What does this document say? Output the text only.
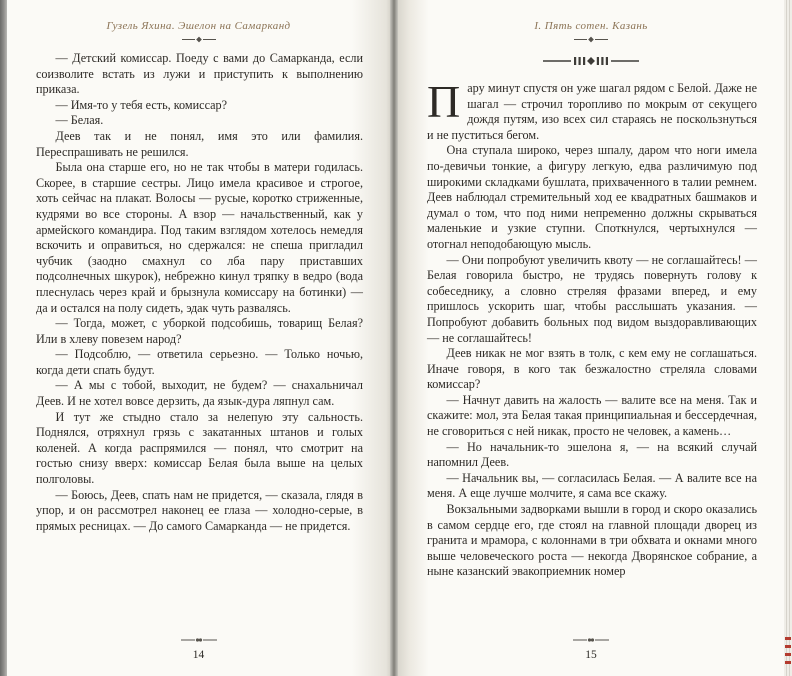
Гузель Яхина. Эшелон на Самарканд

— Детский комиссар. Поеду с вами до Самарканда, если соизволите встать из лужи и приступить к выполнению приказа.

— Имя-то у тебя есть, комиссар?

— Белая.

Деев так и не понял, имя это или фамилия. Переспрашивать не решился.

Была она старше его, но не так чтобы в матери годилась. Скорее, в старшие сестры. Лицо имела красивое и строгое, хоть сейчас на плакат. Волосы — русые, коротко стриженные, кудрями во все стороны. А взор — начальственный, как у армейского командира. Под таким взглядом хотелось немедля вскочить и оправиться, но сдержался: не спеша пригладил чубчик (заодно смахнул со лба пару приставших подсолнечных шкурок), небрежно кинул тряпку в ведро (вода плеснулась через край и брызнула комиссару на ботинки) — да и остался на полу сидеть, эдак чуть развалясь.

— Тогда, может, с уборкой подсобишь, товарищ Белая? Или в хлеву повезем народ?

— Подсоблю, — ответила серьезно. — Только ночью, когда дети спать будут.

— А мы с тобой, выходит, не будем? — снахальничал Деев. И не хотел вовсе дерзить, да язык-дура ляпнул сам.

И тут же стыдно стало за нелепую эту сальность. Поднялся, отряхнул грязь с закатанных штанов и голых коленей. А когда распрямился — понял, что смотрит на гостью снизу вверх: комиссар Белая была выше на целых полголовы.

— Боюсь, Деев, спать нам не придется, — сказала, глядя в упор, и он рассмотрел наконец ее глаза — холодно-серые, в прямых ресницах. — До самого Самарканда — не придется.

14
I. Пять сотен. Казань

Пару минут спустя он уже шагал рядом с Белой. Даже не шагал — строчил торопливо по мокрым от секущего дождя путям, изо всех сил стараясь не поскользнуться и не пуститься бегом.

Она ступала широко, через шпалу, даром что ноги имела по-девичьи тонкие, а фигуру легкую, едва различимую под широкими складками бушлата, прихваченного в талии ремнем. Деев наблюдал стремительный ход ее квадратных башмаков и думал о том, что под ними непременно должны скрываться маленькие и узкие ступни. Споткнулся, чертыхнулся — отогнал неподобающую мысль.

— Они попробуют увеличить квоту — не соглашайтесь! — Белая говорила быстро, не трудясь повернуть голову к собеседнику, а словно стреляя фразами вперед, и ему пришлось ускорить шаг, чтобы расслышать указания. — Попробуют добавить больных под видом выздоравливающих — не соглашайтесь!

Деев никак не мог взять в толк, с кем ему не соглашаться. Иначе говоря, в кого так безжалостно стреляла словами комиссар?

— Начнут давить на жалость — валите все на меня. Так и скажите: мол, эта Белая такая принципиальная и бессердечная, не сговориться с ней никак, просто не человек, а камень…

— Но начальник-то эшелона я, — на всякий случай напомнил Деев.

— Начальник вы, — согласилась Белая. — А валите все на меня. А еще лучше молчите, я сама все скажу.

Вокзальными задворками вышли в город и скоро оказались в самом сердце его, где стоял на главной площади дворец из гранита и мрамора, с колоннами в три обхвата и окнами много выше человеческого роста — некогда Дворянское собрание, а ныне казанский эвакоприемник номер

15
